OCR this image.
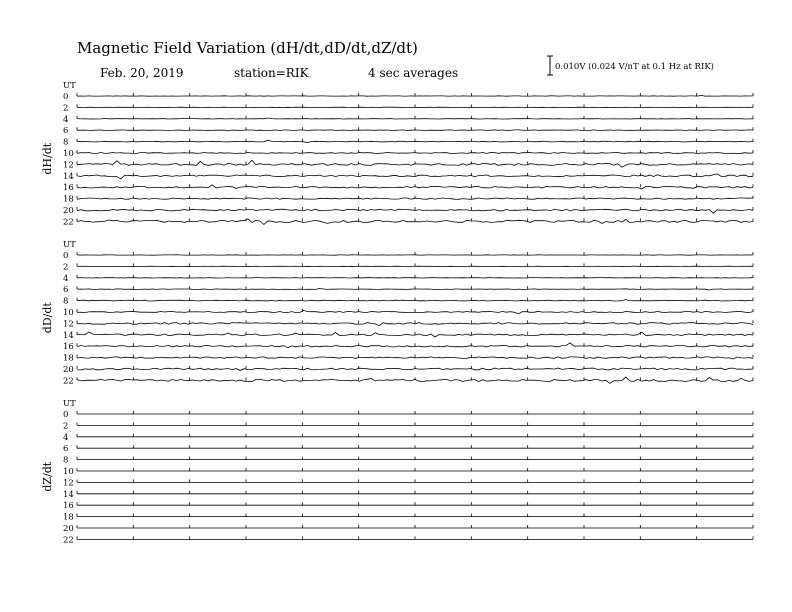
Magnetic Field Variation (dH/dt,dD/dt,dZ/dt)
Feb. 20, 2019	station=RIK	4 sec averages	0.010V (0.024 V/nT at 0.1 Hz at RIK)
UT
dH/dt
0
2
4
6
8
10
12
14
16
18
20
22
UT
dD/dt
0
2
4
6
8
10
12
14
16
18
20
22
UT
dZ/dt
0
2
4
6
8
10
12
14
16
18
20
22
